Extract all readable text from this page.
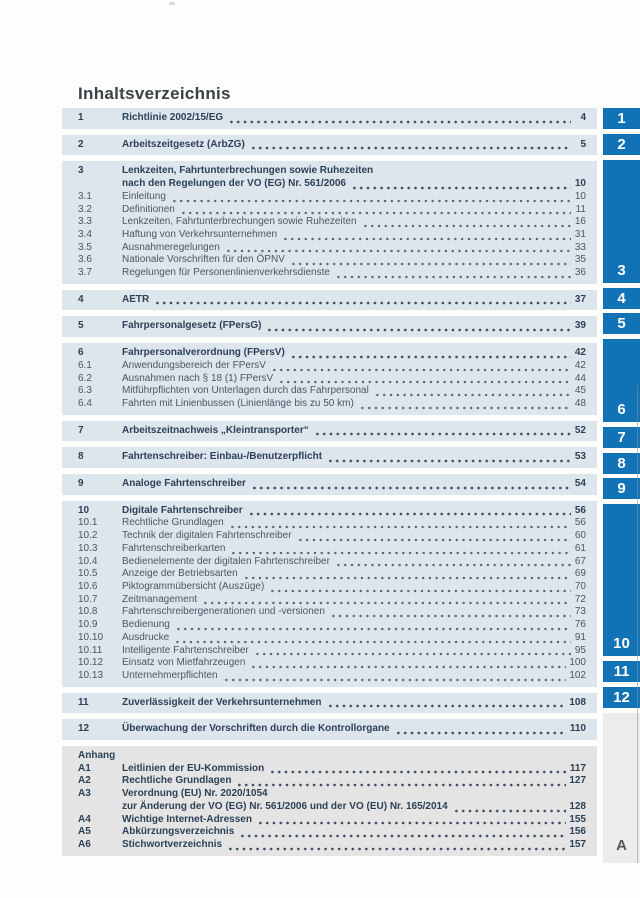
Inhaltsverzeichnis
1	Richtlinie 2002/15/EG	4
2	Arbeitszeitgesetz (ArbZG)	5
3	Lenkzeiten, Fahrtunterbrechungen sowie Ruhezeiten
nach den Regelungen der VO (EG) Nr. 561/2006	10
3.1	Einleitung	10
3.2	Definitionen	11
3.3	Lenkzeiten, Fahrtunterbrechungen sowie Ruhezeiten	16
3.4	Haftung von Verkehrsunternehmen	31
3.5	Ausnahmeregelungen	33
3.6	Nationale Vorschriften für den ÖPNV	35
3.7	Regelungen für Personenlinienverkehrsdienste	36
4	AETR	37
5	Fahrpersonalgesetz (FPersG)	39
6	Fahrpersonalverordnung (FPersV)	42
6.1	Anwendungsbereich der FPersV	42
6.2	Ausnahmen nach § 18 (1) FPersV	44
6.3	Mitführpflichten von Unterlagen durch das Fahrpersonal	45
6.4	Fahrten mit Linienbussen (Linienlänge bis zu 50 km)	48
7	Arbeitszeitnachweis „Kleintransporter“	52
8	Fahrtenschreiber: Einbau-/Benutzerpflicht	53
9	Analoge Fahrtenschreiber	54
10	Digitale Fahrtenschreiber	56
10.1	Rechtliche Grundlagen	56
10.2	Technik der digitalen Fahrtenschreiber	60
10.3	Fahrtenschreiberkarten	61
10.4	Bedienelemente der digitalen Fahrtenschreiber	67
10.5	Anzeige der Betriebsarten	69
10.6	Piktogrammübersicht (Auszüge)	70
10.7	Zeitmanagement	72
10.8	Fahrtenschreibergenerationen und -versionen	73
10.9	Bedienung	76
10.10	Ausdrucke	91
10.11	Intelligente Fahrtenschreiber	95
10.12	Einsatz von Mietfahrzeugen	100
10.13	Unternehmerpflichten	102
11	Zuverlässigkeit der Verkehrsunternehmen	108
12	Überwachung der Vorschriften durch die Kontrollorgane	110
Anhang
A1	Leitlinien der EU-Kommission	117
A2	Rechtliche Grundlagen	127
A3	Verordnung (EU) Nr. 2020/1054
zur Änderung der VO (EG) Nr. 561/2006 und der VO (EU) Nr. 165/2014	128
A4	Wichtige Internet-Adressen	155
A5	Abkürzungsverzeichnis	156
A6	Stichwortverzeichnis	157
1
2
3
4
5
6
7
8
9
10
11
12
A
